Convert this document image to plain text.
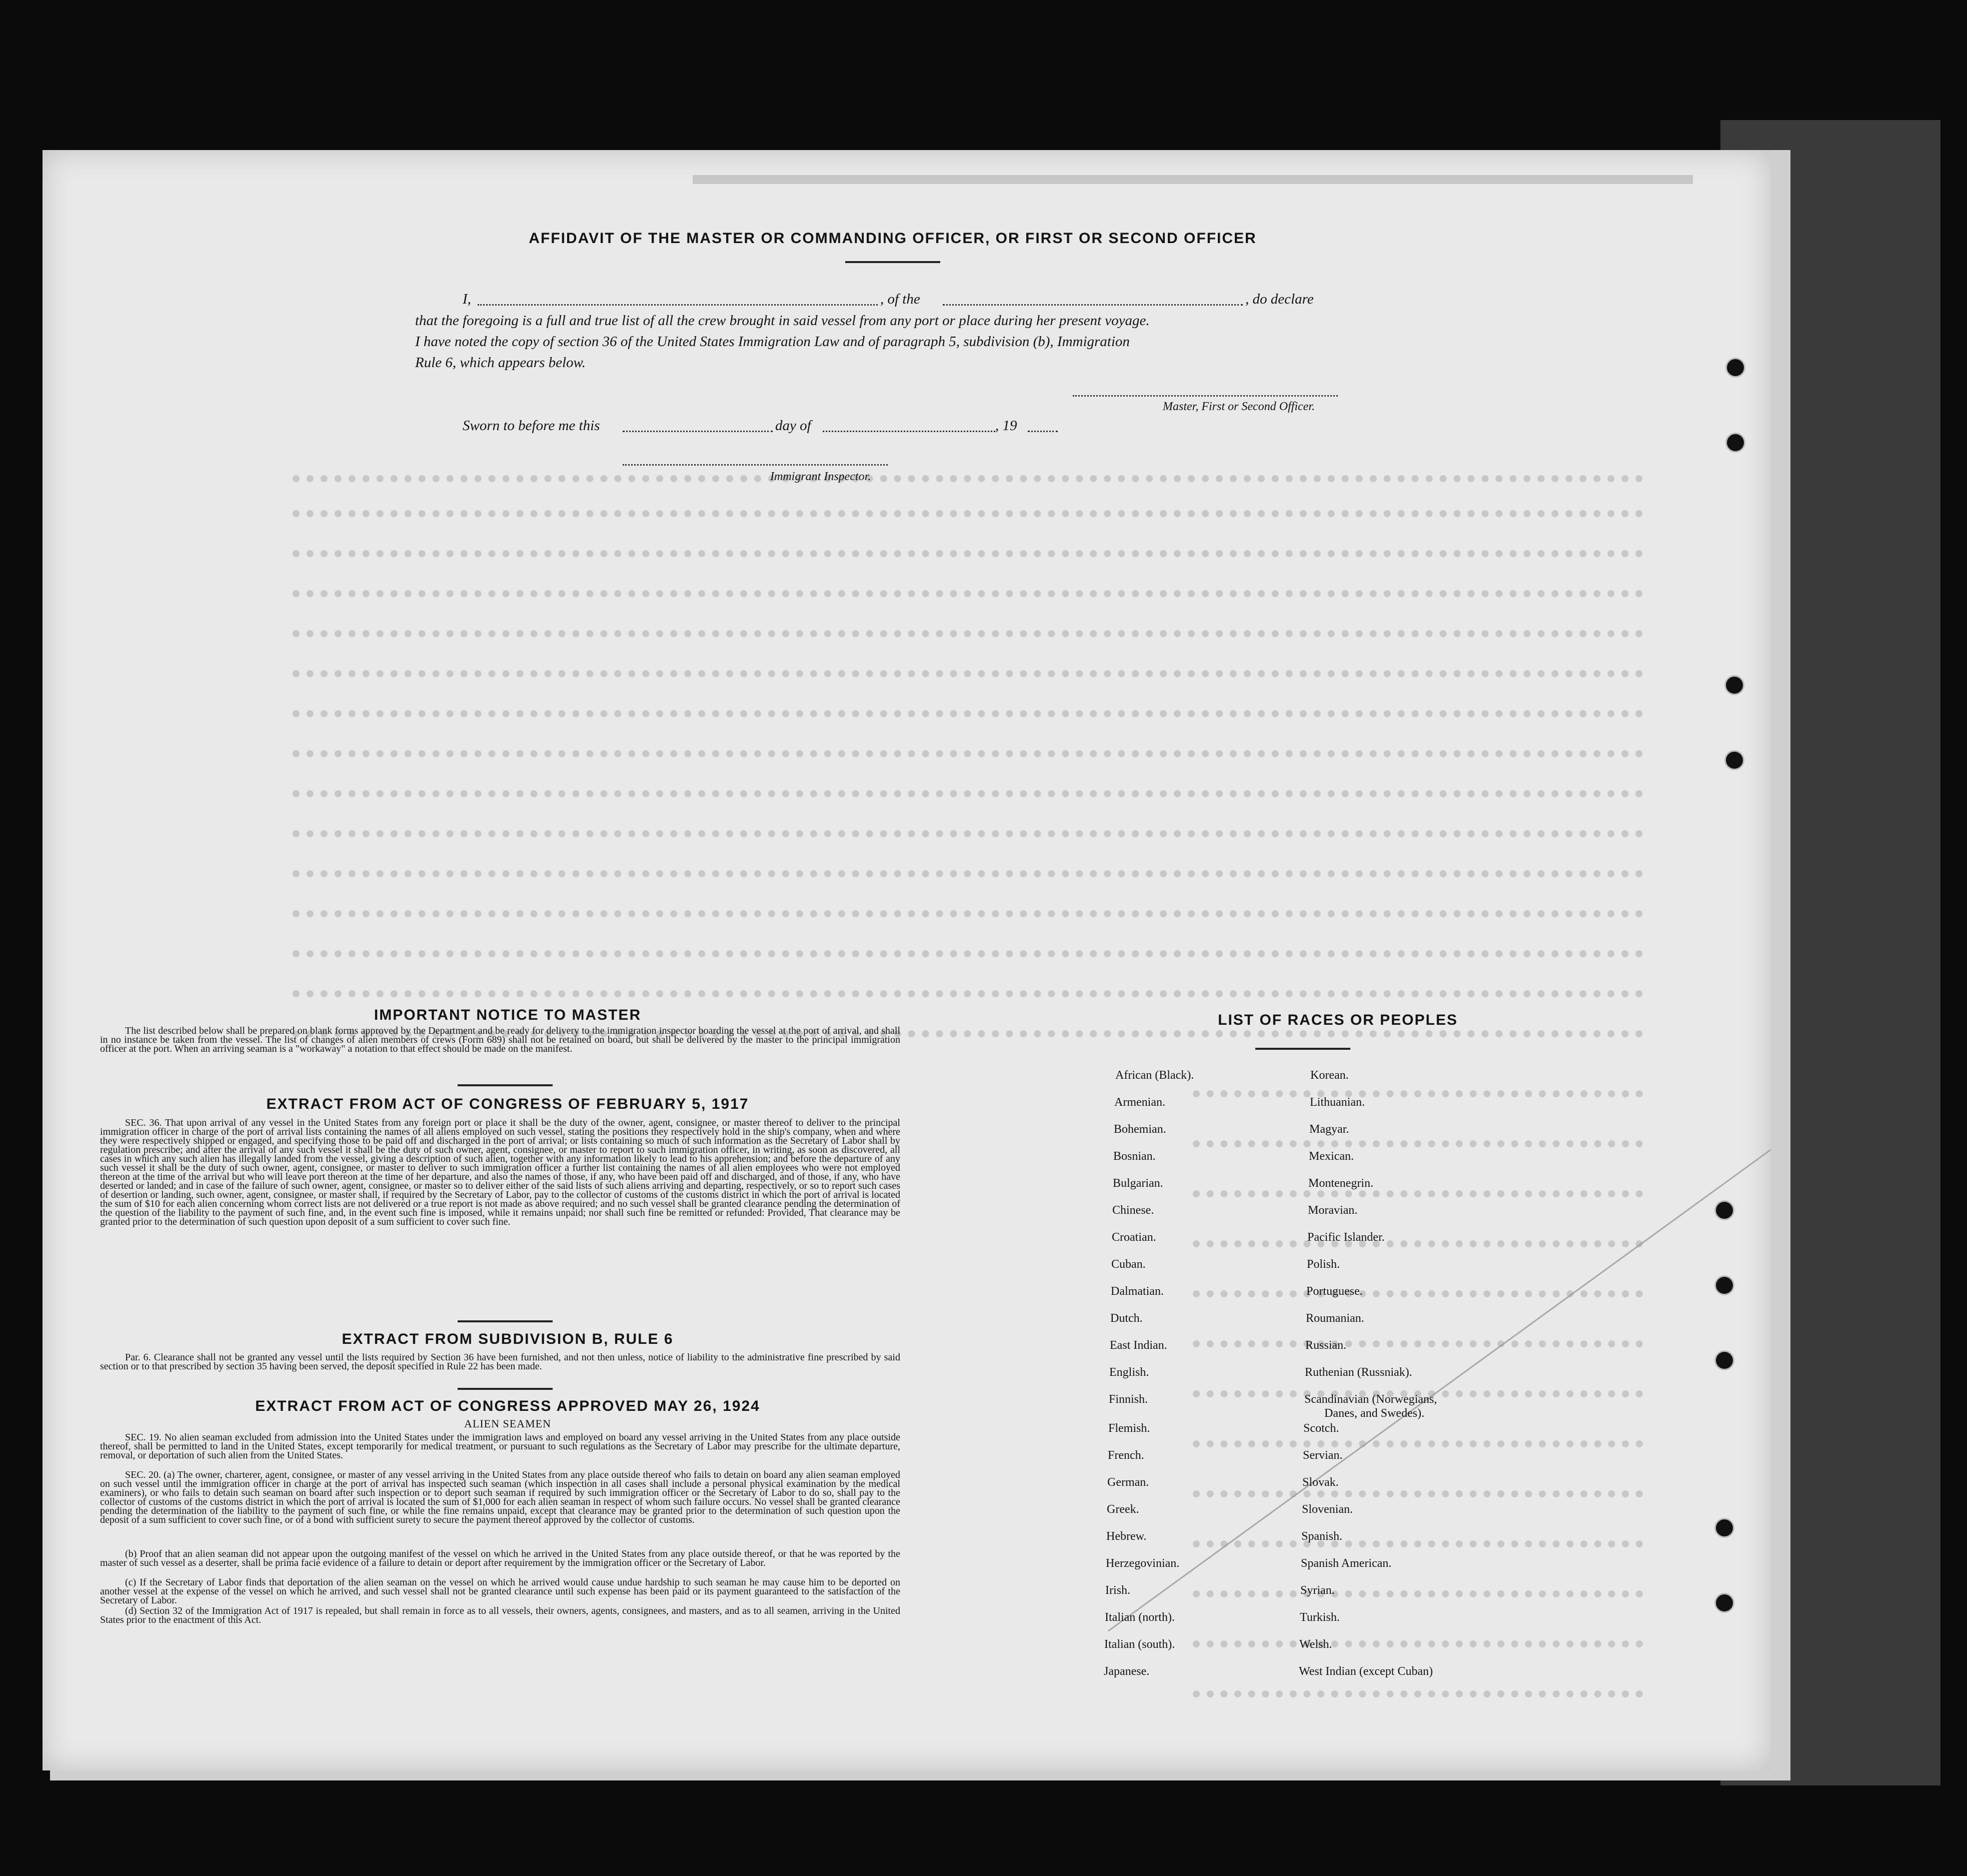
AFFIDAVIT OF THE MASTER OR COMMANDING OFFICER, OR FIRST OR SECOND OFFICER
I,	, of the	, do declare
that the foregoing is a full and true list of all the crew brought in said vessel from any port or place during her present voyage.
I have noted the copy of section 36 of the United States Immigration Law and of paragraph 5, subdivision (b), Immigration
Rule 6, which appears below.
Master, First or Second Officer.
Sworn to before me this	day of	, 19
Immigrant Inspector.
IMPORTANT NOTICE TO MASTER
The list described below shall be prepared on blank forms approved by the Department and be ready for delivery to the immigration inspector boarding the vessel at the port of arrival, and shall in no instance be taken from the vessel. The list of changes of alien members of crews (Form 689) shall not be retained on board, but shall be delivered by the master to the principal immigration officer at the port. When an arriving seaman is a "workaway" a notation to that effect should be made on the manifest.
EXTRACT FROM ACT OF CONGRESS OF FEBRUARY 5, 1917
SEC. 36. That upon arrival of any vessel in the United States from any foreign port or place it shall be the duty of the owner, agent, consignee, or master thereof to deliver to the principal immigration officer in charge of the port of arrival lists containing the names of all aliens employed on such vessel, stating the positions they respectively hold in the ship's company, when and where they were respectively shipped or engaged, and specifying those to be paid off and discharged in the port of arrival; or lists containing so much of such information as the Secretary of Labor shall by regulation prescribe; and after the arrival of any such vessel it shall be the duty of such owner, agent, consignee, or master to report to such immigration officer, in writing, as soon as discovered, all cases in which any such alien has illegally landed from the vessel, giving a description of such alien, together with any information likely to lead to his apprehension; and before the departure of any such vessel it shall be the duty of such owner, agent, consignee, or master to deliver to such immigration officer a further list containing the names of all alien employees who were not employed thereon at the time of the arrival but who will leave port thereon at the time of her departure, and also the names of those, if any, who have been paid off and discharged, and of those, if any, who have deserted or landed; and in case of the failure of such owner, agent, consignee, or master so to deliver either of the said lists of such aliens arriving and departing, respectively, or so to report such cases of desertion or landing, such owner, agent, consignee, or master shall, if required by the Secretary of Labor, pay to the collector of customs of the customs district in which the port of arrival is located the sum of $10 for each alien concerning whom correct lists are not delivered or a true report is not made as above required; and no such vessel shall be granted clearance pending the determination of the question of the liability to the payment of such fine, and, in the event such fine is imposed, while it remains unpaid; nor shall such fine be remitted or refunded: Provided, That clearance may be granted prior to the determination of such question upon deposit of a sum sufficient to cover such fine.
EXTRACT FROM SUBDIVISION B, RULE 6
Par. 6. Clearance shall not be granted any vessel until the lists required by Section 36 have been furnished, and not then unless, notice of liability to the administrative fine prescribed by said section or to that prescribed by section 35 having been served, the deposit specified in Rule 22 has been made.
EXTRACT FROM ACT OF CONGRESS APPROVED MAY 26, 1924
ALIEN SEAMEN
SEC. 19. No alien seaman excluded from admission into the United States under the immigration laws and employed on board any vessel arriving in the United States from any place outside thereof, shall be permitted to land in the United States, except temporarily for medical treatment, or pursuant to such regulations as the Secretary of Labor may prescribe for the ultimate departure, removal, or deportation of such alien from the United States.
SEC. 20. (a) The owner, charterer, agent, consignee, or master of any vessel arriving in the United States from any place outside thereof who fails to detain on board any alien seaman employed on such vessel until the immigration officer in charge at the port of arrival has inspected such seaman (which inspection in all cases shall include a personal physical examination by the medical examiners), or who fails to detain such seaman on board after such inspection or to deport such seaman if required by such immigration officer or the Secretary of Labor to do so, shall pay to the collector of customs of the customs district in which the port of arrival is located the sum of $1,000 for each alien seaman in respect of whom such failure occurs. No vessel shall be granted clearance pending the determination of the liability to the payment of such fine, or while the fine remains unpaid, except that clearance may be granted prior to the determination of such question upon the deposit of a sum sufficient to cover such fine, or of a bond with sufficient surety to secure the payment thereof approved by the collector of customs.
(b) Proof that an alien seaman did not appear upon the outgoing manifest of the vessel on which he arrived in the United States from any place outside thereof, or that he was reported by the master of such vessel as a deserter, shall be prima facie evidence of a failure to detain or deport after requirement by the immigration officer or the Secretary of Labor.
(c) If the Secretary of Labor finds that deportation of the alien seaman on the vessel on which he arrived would cause undue hardship to such seaman he may cause him to be deported on another vessel at the expense of the vessel on which he arrived, and such vessel shall not be granted clearance until such expense has been paid or its payment guaranteed to the satisfaction of the Secretary of Labor.
(d) Section 32 of the Immigration Act of 1917 is repealed, but shall remain in force as to all vessels, their owners, agents, consignees, and masters, and as to all seamen, arriving in the United States prior to the enactment of this Act.
LIST OF RACES OR PEOPLES
African (Black).
Armenian.
Bohemian.
Bosnian.
Bulgarian.
Chinese.
Croatian.
Cuban.
Dalmatian.
Dutch.
East Indian.
English.
Finnish.
Flemish.
French.
German.
Greek.
Hebrew.
Herzegovinian.
Irish.
Italian (north).
Italian (south).
Japanese.
Korean.
Lithuanian.
Magyar.
Mexican.
Montenegrin.
Moravian.
Pacific Islander.
Polish.
Portuguese.
Roumanian.
Russian.
Ruthenian (Russniak).
Scandinavian (Norwegians,
Danes, and Swedes).
Scotch.
Servian.
Slovak.
Slovenian.
Spanish.
Spanish American.
Syrian.
Turkish.
Welsh.
West Indian (except Cuban)
